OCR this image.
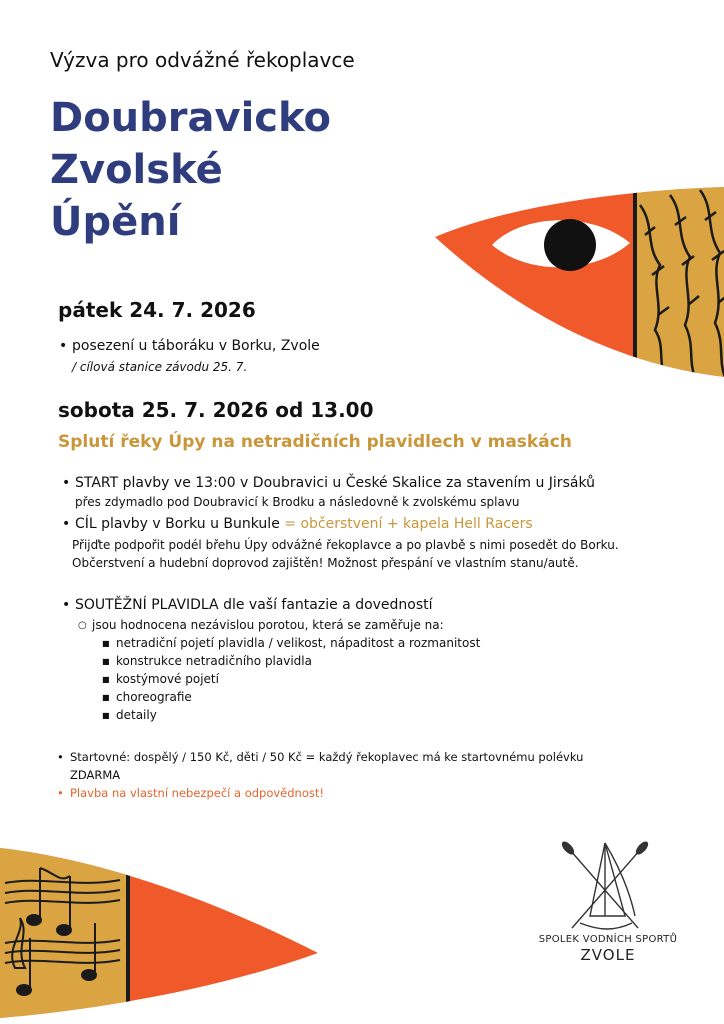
Výzva pro odvážné řekoplavce
Doubravicko
Zvolské
Úpění
pátek 24. 7. 2026
• posezení u táboráku v Borku, Zvole
/ cílová stanice závodu 25. 7.
sobota 25. 7. 2026 od 13.00
Splutí řeky Úpy na netradičních plavidlech v maskách
• START plavby ve 13:00 v Doubravici u České Skalice za stavením u Jirsáků
přes zdymadlo pod Doubravicí k Brodku a následovně k zvolskému splavu
• CÍL plavby v Borku u Bunkule = občerstvení + kapela Hell Racers
Přijďte podpořit podél břehu Úpy odvážné řekoplavce a po plavbě s nimi posedět do Borku.
Občerstvení a hudební doprovod zajištěn! Možnost přespání ve vlastním stanu/autě.
• SOUTĚŽNÍ PLAVIDLA dle vaší fantazie a dovedností
○ jsou hodnocena nezávislou porotou, která se zaměřuje na:
■ netradiční pojetí plavidla / velikost, nápaditost a rozmanitost
■ konstrukce netradičního plavidla
■ kostýmové pojetí
■ choreografie
■ detaily
• Startovné: dospělý / 150 Kč, děti / 50 Kč = každý řekoplavec má ke startovnému polévku
ZDARMA
• Plavba na vlastní nebezpečí a odpovědnost!
SPOLEK VODNÍCH SPORTŮ
ZVOLE
